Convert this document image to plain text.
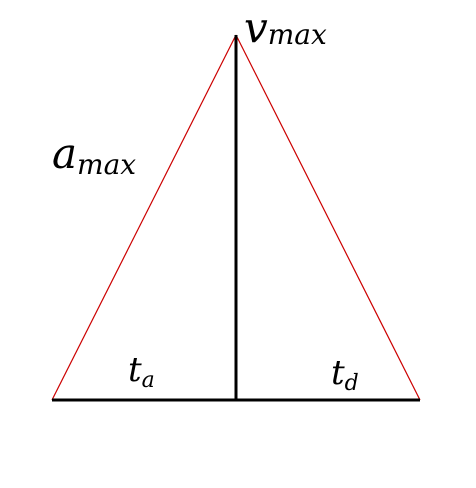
vmax
amax
ta	td
